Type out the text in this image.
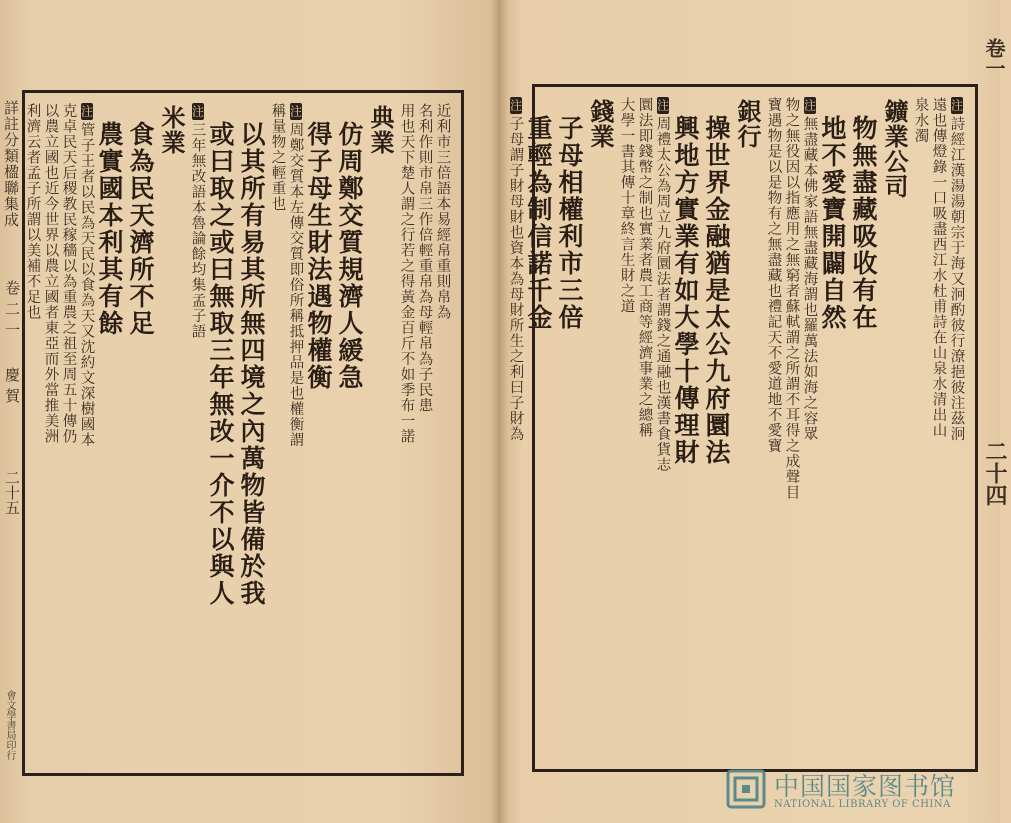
詳註分類楹聯集成
卷二一 慶賀
二十五
會文學書局印行
卷一
二十四
近利市三倍語本易經帛重則帛為
名利作則市帛三作倍輕重帛為母輕帛為子民患
用也天下楚人謂之行若之得黃金百斤不如季布一諾
典業
仿周鄭交質規濟人緩急
得子母生財法遇物權衡
注周鄭交質本左傳交質即俗所稱抵押品是也權衡謂
稱量物之輕重也
以其所有易其所無四境之內萬物皆備於我
或曰取之或曰無取三年無改一介不以與人
注三年無改語本魯論餘均集孟子語
米業
食為民天濟所不足
農實國本利其有餘
注管子王者以民為天民以食為天又沈約文深樹國本
克卓民天后稷教民稼穡以為重農之祖至周五十傳仍
以農立國也近今世界以農立國者東亞而外當推美洲
利濟云者孟子所謂以美補不足也	注詩經江漢湯湯朝宗于海又泂酌彼行潦挹彼注茲泂
遠也傳燈錄一口吸盡西江水杜甫詩在山泉水清出山
泉水濁
鑛業公司
物無盡藏吸收有在
地不愛寶開闢自然
注無盡藏本佛家語無盡藏海謂也羅萬法如海之容眾
物之無役因以指應用之無窮者蘇軾謂之所謂不耳得之成聲目
寶遇物是以是物有之無盡藏也禮記天不愛道地不愛寶
銀行
操世界金融猶是太公九府圜法
興地方實業有如大學十傳理財
注周禮太公為周立九府圜法者謂錢之通融也漢書食貨志
圜法即錢幣之制也實業者農工商等經濟事業之總稱
大學一書其傳十章終言生財之道
錢業
子母相權利市三倍
重輕為制信諾千金
注子母謂子財母財也資本為母財所生之利曰子財為
中国国家图书馆
NATIONAL LIBRARY OF CHINA
